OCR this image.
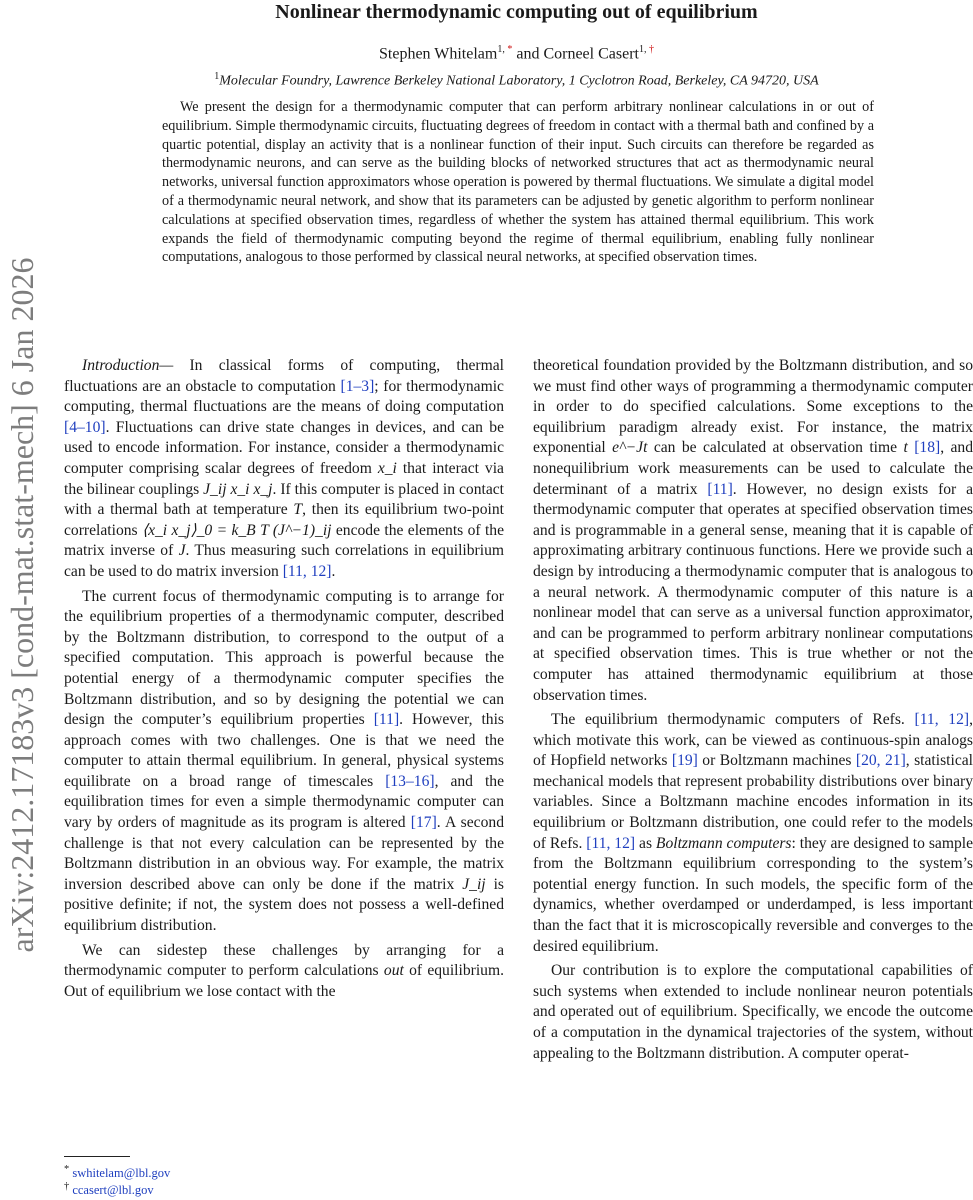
arXiv:2412.17183v3 [cond-mat.stat-mech] 6 Jan 2026
Nonlinear thermodynamic computing out of equilibrium
Stephen Whitelam$^{1, *}$ and Corneel Casert$^{1, \dagger}$
$^1$Molecular Foundry, Lawrence Berkeley National Laboratory, 1 Cyclotron Road, Berkeley, CA 94720, USA

We present the design for a thermodynamic computer that can perform arbitrary nonlinear calculations in or out of equilibrium. Simple thermodynamic circuits, fluctuating degrees of freedom in contact with a thermal bath and confined by a quartic potential, display an activity that is a nonlinear function of their input. Such circuits can therefore be regarded as thermodynamic neurons, and can serve as the building blocks of networked structures that act as thermodynamic neural networks, universal function approximators whose operation is powered by thermal fluctuations. We simulate a digital model of a thermodynamic neural network, and show that its parameters can be adjusted by genetic algorithm to perform nonlinear calculations at specified observation times, regardless of whether the system has attained thermal equilibrium. This work expands the field of thermodynamic computing beyond the regime of thermal equilibrium, enabling fully nonlinear computations, analogous to those performed by classical neural networks, at specified observation times.

Introduction— In classical forms of computing, thermal fluctuations are an obstacle to computation [1–3]; for thermodynamic computing, thermal fluctuations are the means of doing computation [4–10]. Fluctuations can drive state changes in devices, and can be used to encode information. For instance, consider a thermodynamic computer comprising scalar degrees of freedom x_i that interact via the bilinear couplings J_ij x_i x_j. If this computer is placed in contact with a thermal bath at temperature T, then its equilibrium two-point correlations ⟨x_i x_j⟩_0 = k_B T (J^−1)_ij encode the elements of the matrix inverse of J. Thus measuring such correlations in equilibrium can be used to do matrix inversion [11, 12].

The current focus of thermodynamic computing is to arrange for the equilibrium properties of a thermodynamic computer, described by the Boltzmann distribution, to correspond to the output of a specified computation. This approach is powerful because the potential energy of a thermodynamic computer specifies the Boltzmann distribution, and so by designing the potential we can design the computer’s equilibrium properties [11]. However, this approach comes with two challenges. One is that we need the computer to attain thermal equilibrium. In general, physical systems equilibrate on a broad range of timescales [13–16], and the equilibration times for even a simple thermodynamic computer can vary by orders of magnitude as its program is altered [17]. A second challenge is that not every calculation can be represented by the Boltzmann distribution in an obvious way. For example, the matrix inversion described above can only be done if the matrix J_ij is positive definite; if not, the system does not possess a well-defined equilibrium distribution.

We can sidestep these challenges by arranging for a thermodynamic computer to perform calculations out of equilibrium. Out of equilibrium we lose contact with the

theoretical foundation provided by the Boltzmann distribution, and so we must find other ways of programming a thermodynamic computer in order to do specified calculations. Some exceptions to the equilibrium paradigm already exist. For instance, the matrix exponential e^−Jt can be calculated at observation time t [18], and nonequilibrium work measurements can be used to calculate the determinant of a matrix [11]. However, no design exists for a thermodynamic computer that operates at specified observation times and is programmable in a general sense, meaning that it is capable of approximating arbitrary continuous functions. Here we provide such a design by introducing a thermodynamic computer that is analogous to a neural network. A thermodynamic computer of this nature is a nonlinear model that can serve as a universal function approximator, and can be programmed to perform arbitrary nonlinear computations at specified observation times. This is true whether or not the computer has attained thermodynamic equilibrium at those observation times.

The equilibrium thermodynamic computers of Refs. [11, 12], which motivate this work, can be viewed as continuous-spin analogs of Hopfield networks [19] or Boltzmann machines [20, 21], statistical mechanical models that represent probability distributions over binary variables. Since a Boltzmann machine encodes information in its equilibrium or Boltzmann distribution, one could refer to the models of Refs. [11, 12] as Boltzmann computers: they are designed to sample from the Boltzmann equilibrium corresponding to the system’s potential energy function. In such models, the specific form of the dynamics, whether overdamped or underdamped, is less important than the fact that it is microscopically reversible and converges to the desired equilibrium.

Our contribution is to explore the computational capabilities of such systems when extended to include nonlinear neuron potentials and operated out of equilibrium. Specifically, we encode the outcome of a computation in the dynamical trajectories of the system, without appealing to the Boltzmann distribution. A computer operat-

* swhitelam@lbl.gov
† ccasert@lbl.gov
